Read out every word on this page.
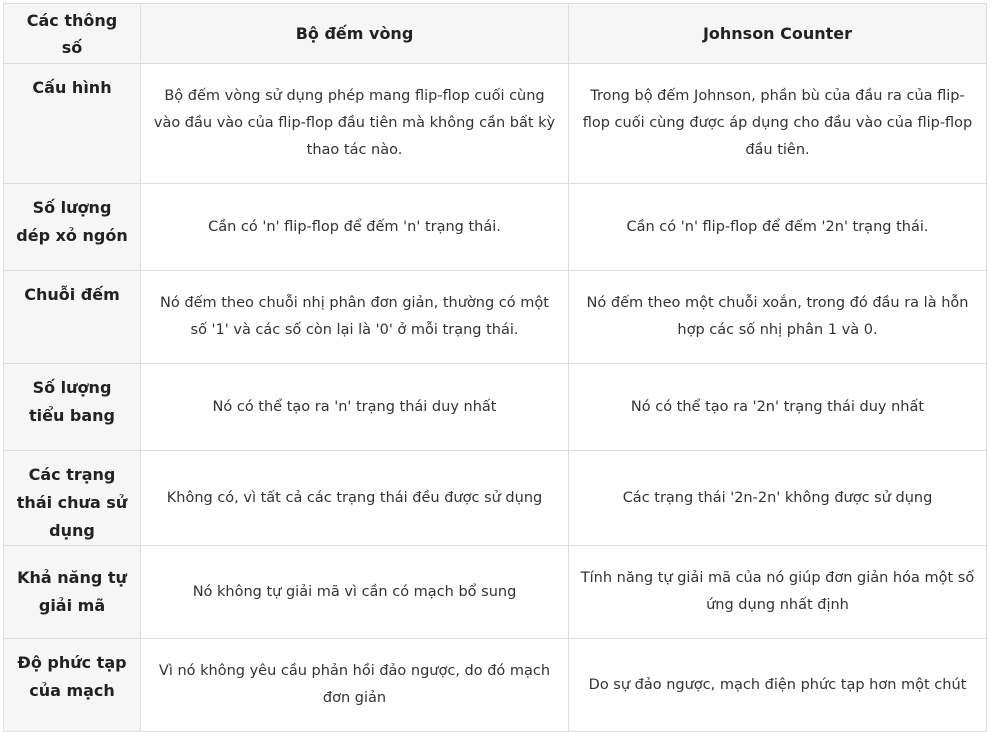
Các thông số	Bộ đếm vòng	Johnson Counter
Cấu hình	Bộ đếm vòng sử dụng phép mang flip-flop cuối cùng vào đầu vào của flip-flop đầu tiên mà không cần bất kỳ thao tác nào.	Trong bộ đếm Johnson, phần bù của đầu ra của flip-flop cuối cùng được áp dụng cho đầu vào của flip-flop đầu tiên.
Số lượng dép xỏ ngón	Cần có 'n' flip-flop để đếm 'n' trạng thái.	Cần có 'n' flip-flop để đếm '2n' trạng thái.
Chuỗi đếm	Nó đếm theo chuỗi nhị phân đơn giản, thường có một số '1' và các số còn lại là '0' ở mỗi trạng thái.	Nó đếm theo một chuỗi xoắn, trong đó đầu ra là hỗn hợp các số nhị phân 1 và 0.
Số lượng tiểu bang	Nó có thể tạo ra 'n' trạng thái duy nhất	Nó có thể tạo ra '2n' trạng thái duy nhất
Các trạng thái chưa sử dụng	Không có, vì tất cả các trạng thái đều được sử dụng	Các trạng thái '2n-2n' không được sử dụng
Khả năng tự giải mã	Nó không tự giải mã vì cần có mạch bổ sung	Tính năng tự giải mã của nó giúp đơn giản hóa một số ứng dụng nhất định
Độ phức tạp của mạch	Vì nó không yêu cầu phản hồi đảo ngược, do đó mạch đơn giản	Do sự đảo ngược, mạch điện phức tạp hơn một chút
